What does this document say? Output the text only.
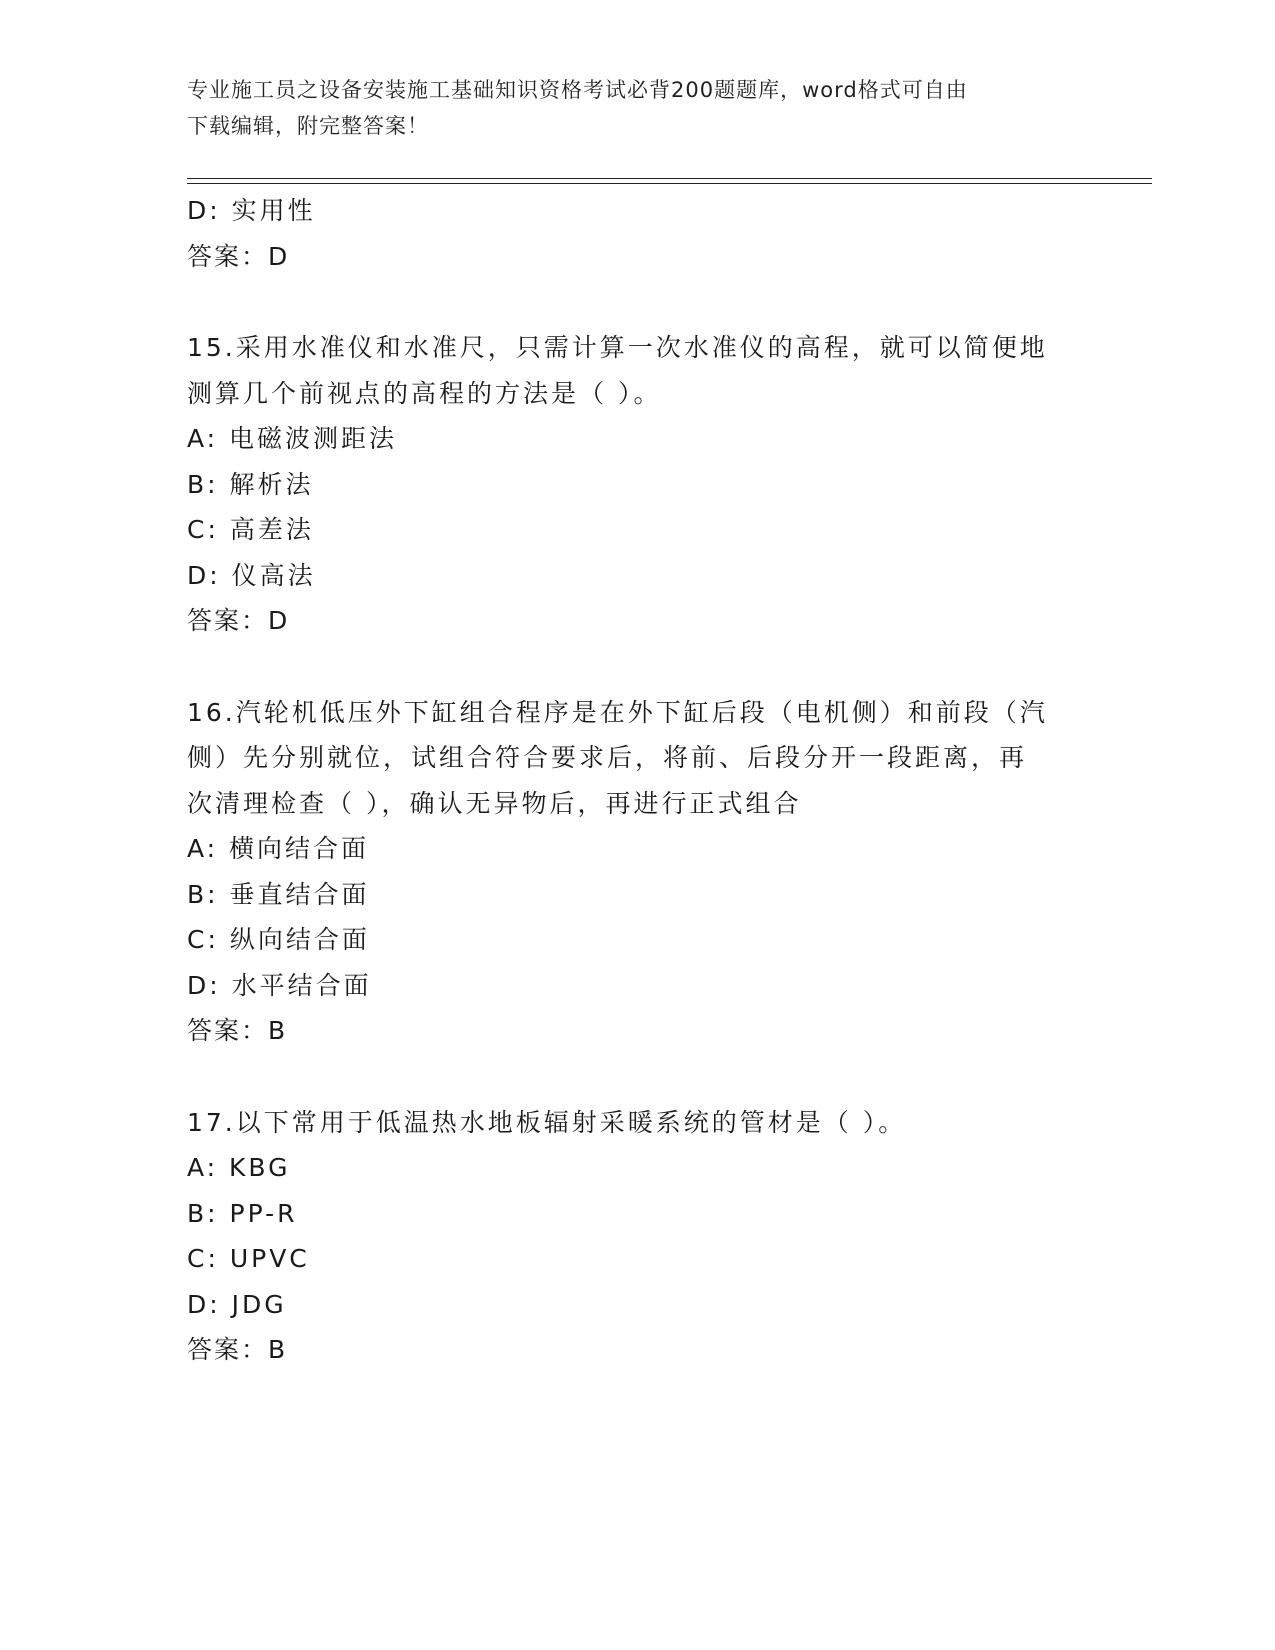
专业施工员之设备安装施工基础知识资格考试必背200题题库，word格式可自由
下载编辑，附完整答案！
D: 实用性
答案：D
15.采用水准仪和水准尺，只需计算一次水准仪的高程，就可以简便地
测算几个前视点的高程的方法是（ ）。
A: 电磁波测距法
B: 解析法
C: 高差法
D: 仪高法
答案：D
16.汽轮机低压外下缸组合程序是在外下缸后段（电机侧）和前段（汽
侧）先分别就位，试组合符合要求后，将前、后段分开一段距离，再
次清理检查（ ），确认无异物后，再进行正式组合
A: 横向结合面
B: 垂直结合面
C: 纵向结合面
D: 水平结合面
答案：B
17.以下常用于低温热水地板辐射采暖系统的管材是（ ）。
A: KBG
B: PP-R
C: UPVC
D: JDG
答案：B
